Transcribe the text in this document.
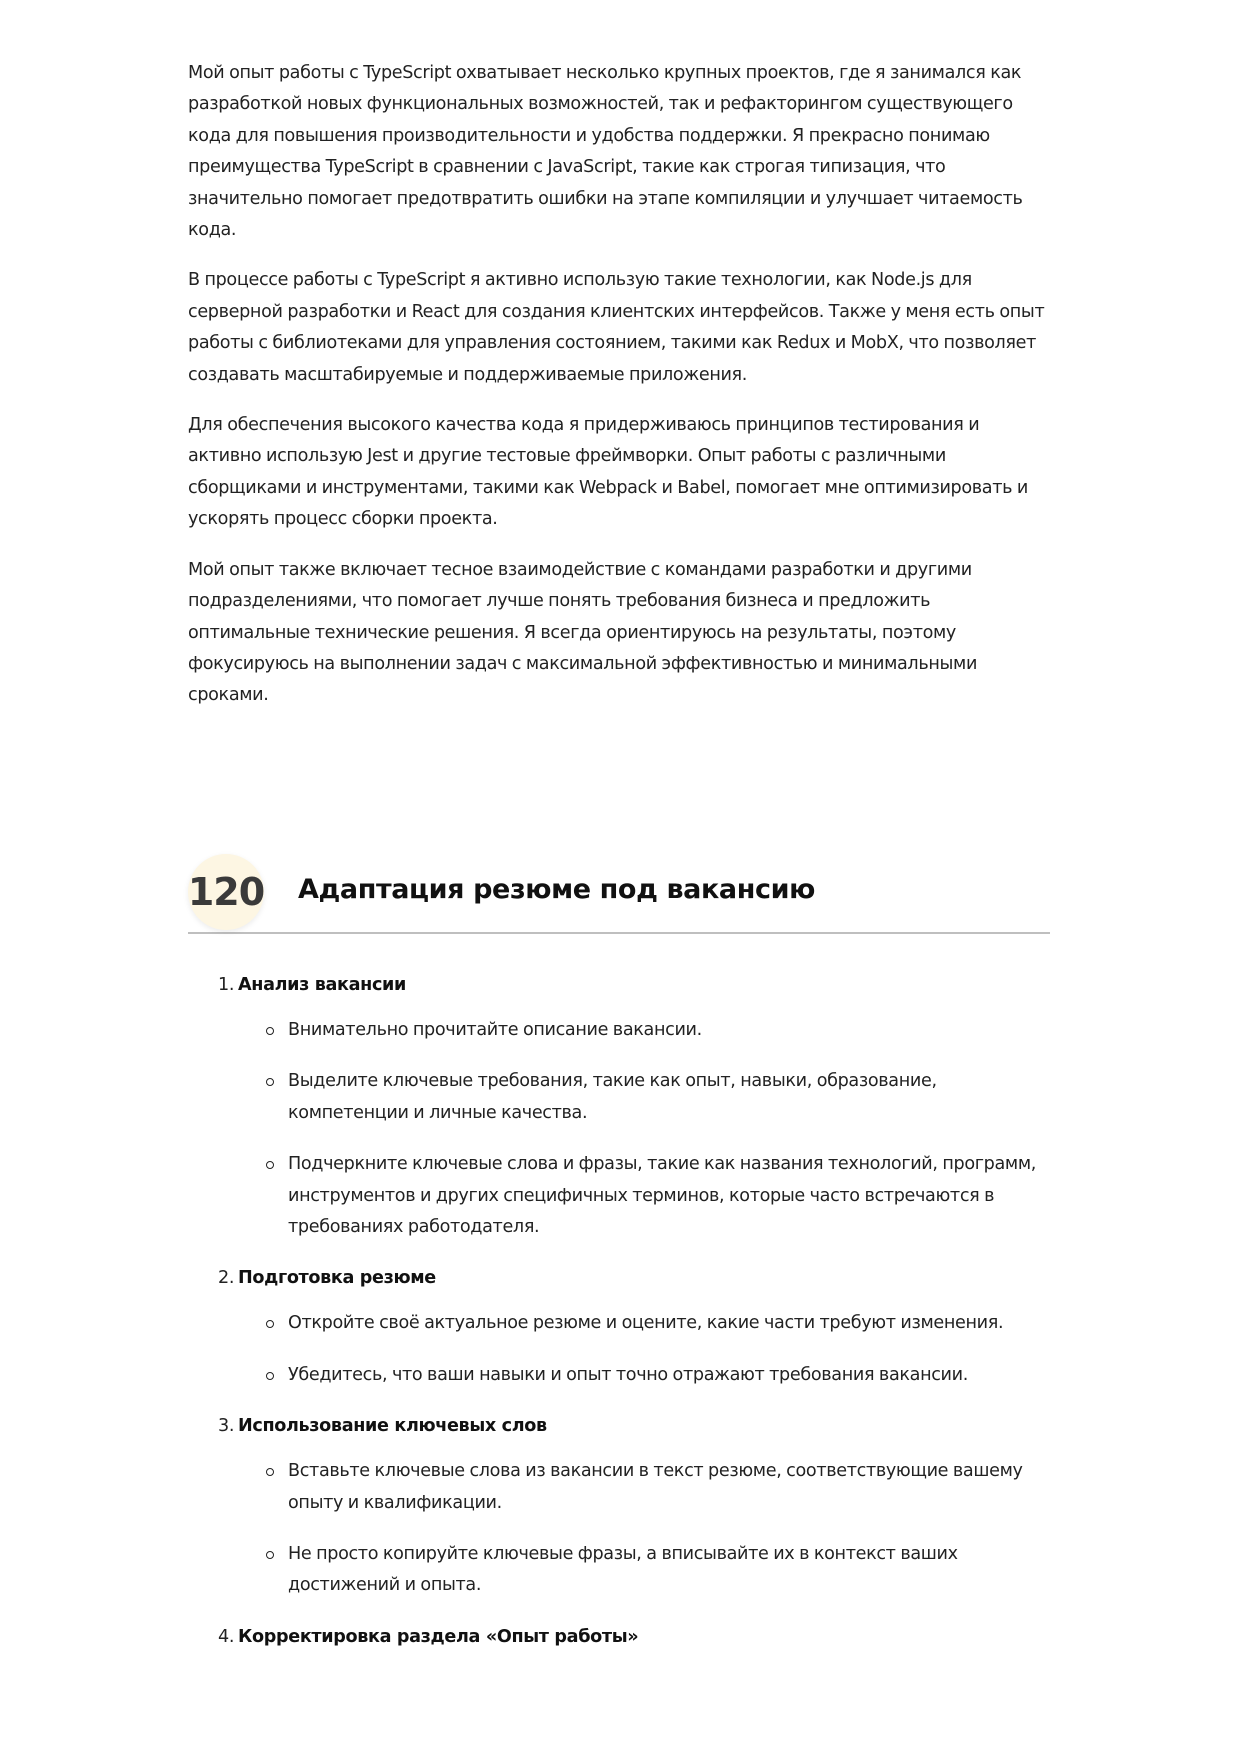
Мой опыт работы с TypeScript охватывает несколько крупных проектов, где я занимался как разработкой новых функциональных возможностей, так и рефакторингом существующего кода для повышения производительности и удобства поддержки. Я прекрасно понимаю преимущества TypeScript в сравнении с JavaScript, такие как строгая типизация, что значительно помогает предотвратить ошибки на этапе компиляции и улучшает читаемость кода.

В процессе работы с TypeScript я активно использую такие технологии, как Node.js для серверной разработки и React для создания клиентских интерфейсов. Также у меня есть опыт работы с библиотеками для управления состоянием, такими как Redux и MobX, что позволяет создавать масштабируемые и поддерживаемые приложения.

Для обеспечения высокого качества кода я придерживаюсь принципов тестирования и активно использую Jest и другие тестовые фреймворки. Опыт работы с различными сборщиками и инструментами, такими как Webpack и Babel, помогает мне оптимизировать и ускорять процесс сборки проекта.

Мой опыт также включает тесное взаимодействие с командами разработки и другими подразделениями, что помогает лучше понять требования бизнеса и предложить оптимальные технические решения. Я всегда ориентируюсь на результаты, поэтому фокусируюсь на выполнении задач с максимальной эффективностью и минимальными сроками.

120 Адаптация резюме под вакансию
1. Анализ вакансии
Внимательно прочитайте описание вакансии.
Выделите ключевые требования, такие как опыт, навыки, образование, компетенции и личные качества.
Подчеркните ключевые слова и фразы, такие как названия технологий, программ, инструментов и других специфичных терминов, которые часто встречаются в требованиях работодателя.
2. Подготовка резюме
Откройте своё актуальное резюме и оцените, какие части требуют изменения.
Убедитесь, что ваши навыки и опыт точно отражают требования вакансии.
3. Использование ключевых слов
Вставьте ключевые слова из вакансии в текст резюме, соответствующие вашему опыту и квалификации.
Не просто копируйте ключевые фразы, а вписывайте их в контекст ваших достижений и опыта.
4. Корректировка раздела «Опыт работы»
